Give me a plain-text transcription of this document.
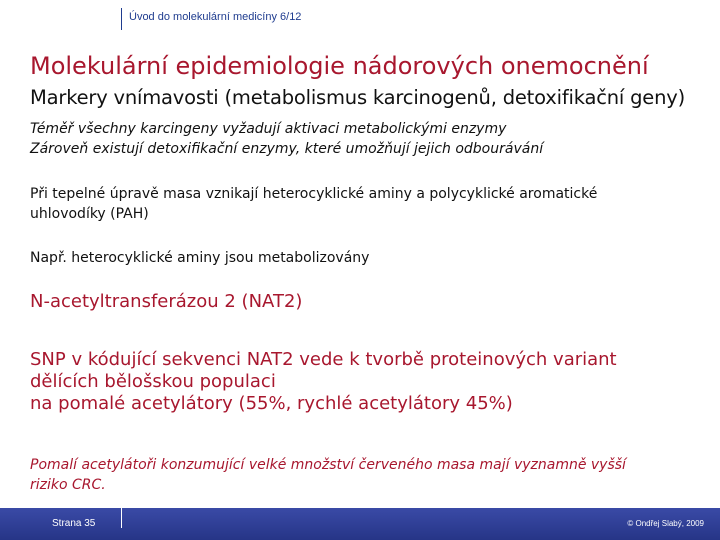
Úvod do molekulární medicíny 6/12
Molekulární epidemiologie nádorových onemocnění
Markery vnímavosti (metabolismus karcinogenů, detoxifikační geny)
Téměř všechny karcingeny vyžadují aktivaci metabolickými enzymy
Zároveň existují detoxifikační enzymy, které umožňují jejich odbourávání
Při tepelné úpravě masa vznikají heterocyklické aminy a polycyklické aromatické
uhlovodíky (PAH)
Např. heterocyklické aminy jsou metabolizovány
N-acetyltransferázou 2 (NAT2)
SNP v kódující sekvenci NAT2 vede k tvorbě proteinových variant
dělících bělošskou populaci
na pomalé acetylátory (55%, rychlé acetylátory 45%)
Pomalí acetylátoři konzumující velké množství červeného masa mají vyznamně vyšší
riziko CRC.
Strana 35	© Ondřej Slabý, 2009
